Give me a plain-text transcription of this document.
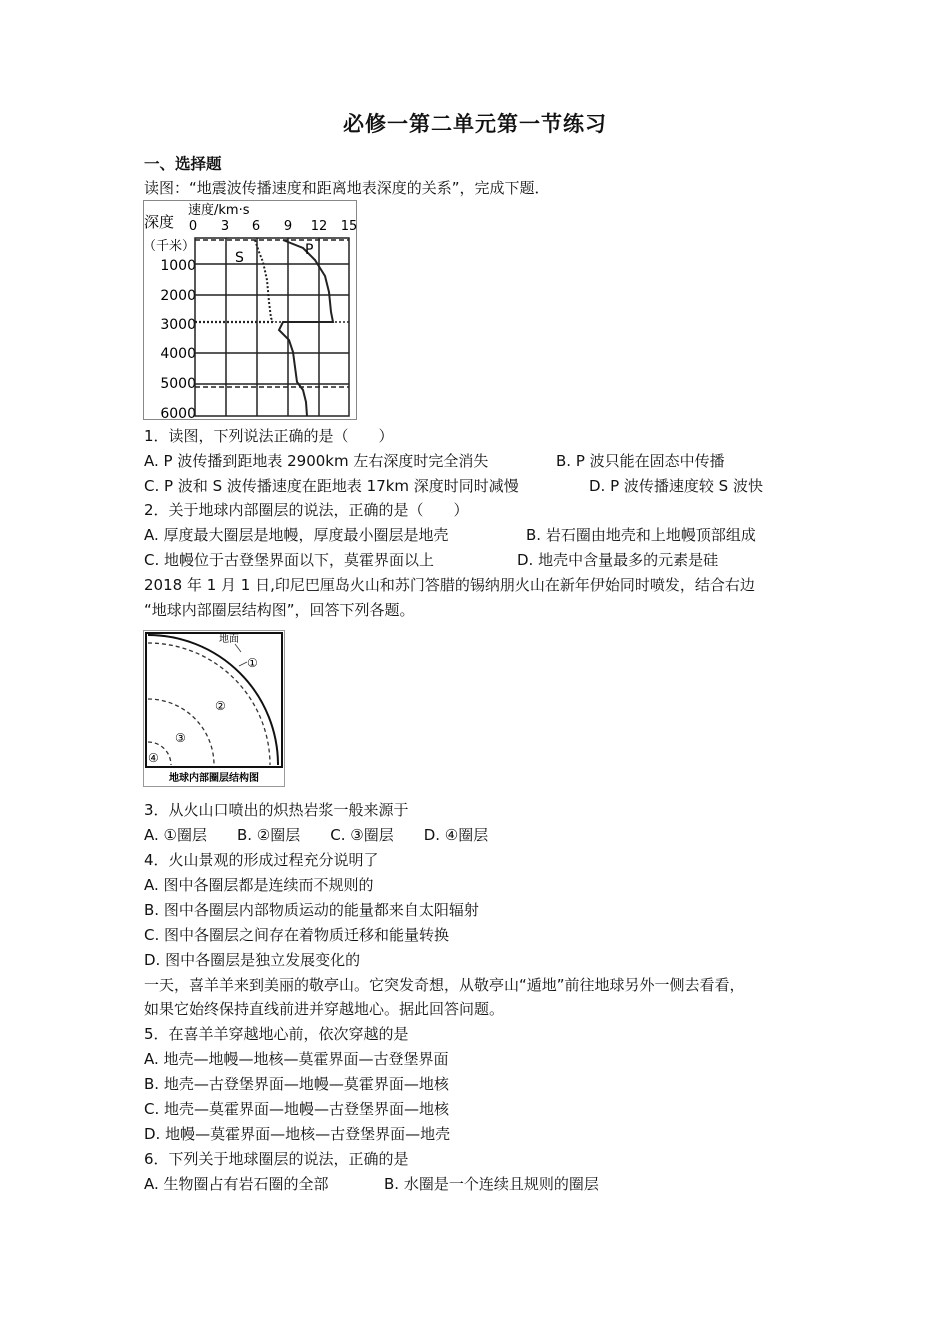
必修一第二单元第一节练习
一、选择题
读图：“地震波传播速度和距离地表深度的关系”，完成下题．
深度
（千米）
速度/km·s
0 3 6 9 12 15
1000
2000
3000
4000
5000
6000
S	P
1．读图，下列说法正确的是（　　）
A. P 波传播到距地表 2900km 左右深度时完全消失	B. P 波只能在固态中传播
C. P 波和 S 波传播速度在距地表 17km 深度时同时减慢	D. P 波传播速度较 S 波快
2．关于地球内部圈层的说法，正确的是（　　）
A. 厚度最大圈层是地幔，厚度最小圈层是地壳	B. 岩石圈由地壳和上地幔顶部组成
C. 地幔位于古登堡界面以下，莫霍界面以上	D. 地壳中含量最多的元素是硅
2018 年 1 月 1 日,印尼巴厘岛火山和苏门答腊的锡纳朋火山在新年伊始同时喷发，结合右边
“地球内部圈层结构图”，回答下列各题。
地面
①
②
③
④
地球内部圈层结构图
3．从火山口喷出的炽热岩浆一般来源于
A. ①圈层　　B. ②圈层　　C. ③圈层　　D. ④圈层
4．火山景观的形成过程充分说明了
A. 图中各圈层都是连续而不规则的
B. 图中各圈层内部物质运动的能量都来自太阳辐射
C. 图中各圈层之间存在着物质迁移和能量转换
D. 图中各圈层是独立发展变化的
一天，喜羊羊来到美丽的敬亭山。它突发奇想，从敬亭山“遁地”前往地球另外一侧去看看，
如果它始终保持直线前进并穿越地心。据此回答问题。
5．在喜羊羊穿越地心前，依次穿越的是
A. 地壳—地幔—地核—莫霍界面—古登堡界面
B. 地壳—古登堡界面—地幔—莫霍界面—地核
C. 地壳—莫霍界面—地幔—古登堡界面—地核
D. 地幔—莫霍界面—地核—古登堡界面—地壳
6．下列关于地球圈层的说法，正确的是
A. 生物圈占有岩石圈的全部	B. 水圈是一个连续且规则的圈层
